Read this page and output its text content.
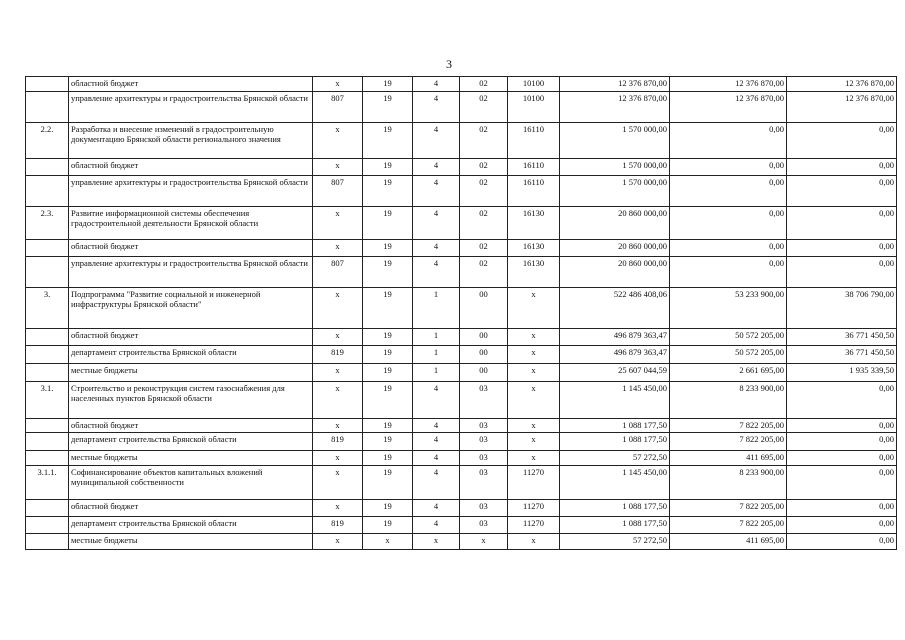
3
	областной бюджет	х	19	4	02	10100	12 376 870,00	12 376 870,00	12 376 870,00
	управление архитектуры и градостроительства Брянской области	807	19	4	02	10100	12 376 870,00	12 376 870,00	12 376 870,00
2.2.	Разработка и внесение изменений в градостроительную документацию Брянской области регионального значения	х	19	4	02	16110	1 570 000,00	0,00	0,00
	областной бюджет	х	19	4	02	16110	1 570 000,00	0,00	0,00
	управление архитектуры и градостроительства Брянской области	807	19	4	02	16110	1 570 000,00	0,00	0,00
2.3.	Развитие информационной системы обеспечения градостроительной деятельности Брянской области	х	19	4	02	16130	20 860 000,00	0,00	0,00
	областной бюджет	х	19	4	02	16130	20 860 000,00	0,00	0,00
	управление архитектуры и градостроительства Брянской области	807	19	4	02	16130	20 860 000,00	0,00	0,00
3.	Подпрограмма "Развитие социальной и инженерной инфраструктуры Брянской области"	х	19	1	00	х	522 486 408,06	53 233 900,00	38 706 790,00
	областной бюджет	х	19	1	00	х	496 879 363,47	50 572 205,00	36 771 450,50
	департамент строительства Брянской области	819	19	1	00	х	496 879 363,47	50 572 205,00	36 771 450,50
	местные бюджеты	х	19	1	00	х	25 607 044,59	2 661 695,00	1 935 339,50
3.1.	Строительство и реконструкция систем газоснабжения для населенных пунктов Брянской области	х	19	4	03	х	1 145 450,00	8 233 900,00	0,00
	областной бюджет	х	19	4	03	х	1 088 177,50	7 822 205,00	0,00
	департамент строительства Брянской области	819	19	4	03	х	1 088 177,50	7 822 205,00	0,00
	местные бюджеты	х	19	4	03	х	57 272,50	411 695,00	0,00
3.1.1.	Софинансирование объектов капитальных вложений муниципальной собственности	х	19	4	03	11270	1 145 450,00	8 233 900,00	0,00
	областной бюджет	х	19	4	03	11270	1 088 177,50	7 822 205,00	0,00
	департамент строительства Брянской области	819	19	4	03	11270	1 088 177,50	7 822 205,00	0,00
	местные бюджеты	х	х	х	х	х	57 272,50	411 695,00	0,00
